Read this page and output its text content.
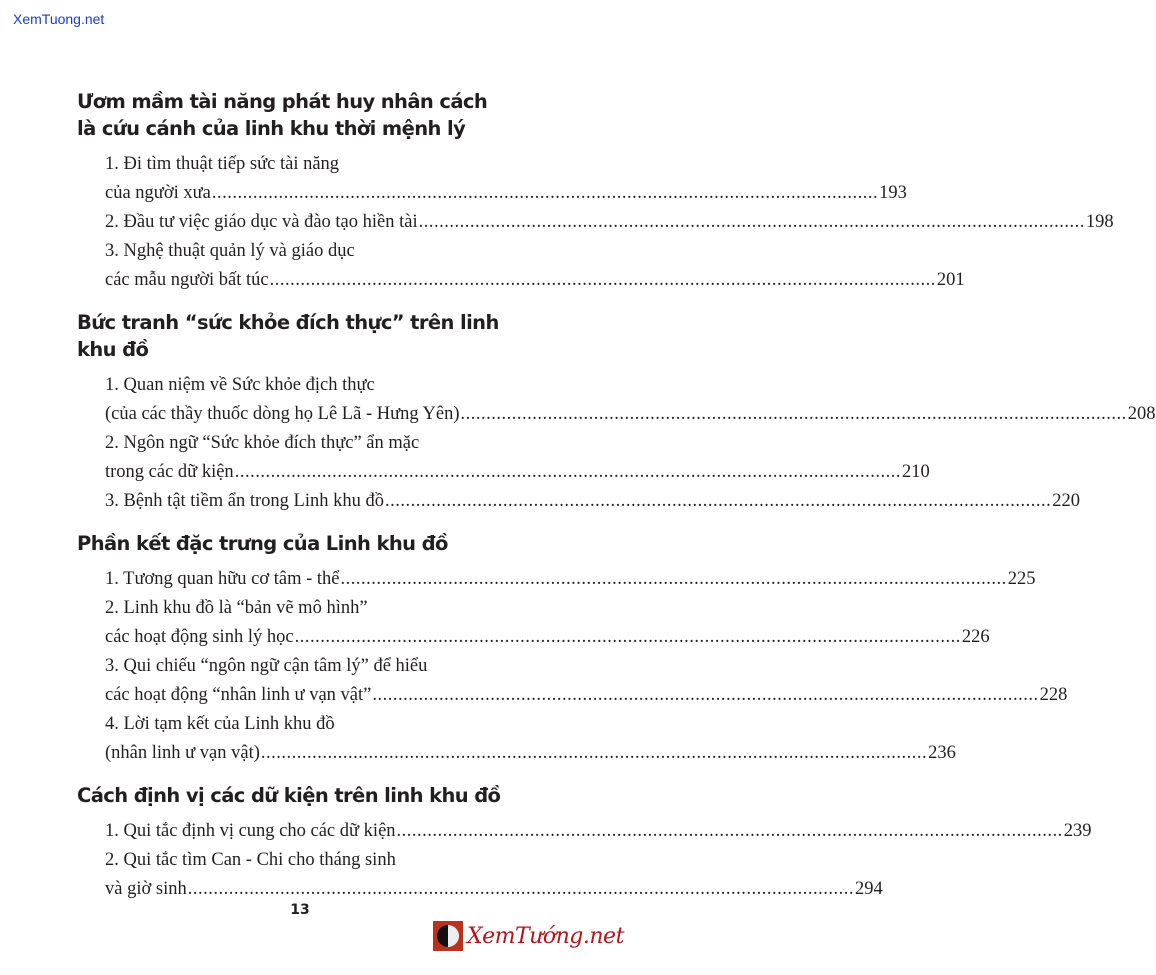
XemTuong.net
Ươm mầm tài năng phát huy nhân cách
là cứu cánh của linh khu thời mệnh lý
1. Đi tìm thuật tiếp sức tài năng
của người xưa .....	193
2. Đầu tư việc giáo dục và đào tạo hiền tài .....	198
3. Nghệ thuật quản lý và giáo dục
các mẫu người bất túc .....	201
Bức tranh “sức khỏe đích thực” trên linh khu đồ
1. Quan niệm về Sức khỏe địch thực
(của các thầy thuốc dòng họ Lê Lã - Hưng Yên) .....	208
2. Ngôn ngữ “Sức khỏe đích thực” ẩn mặc
trong các dữ kiện .....	210
3. Bệnh tật tiềm ẩn trong Linh khu đồ .....	220
Phần kết đặc trưng của Linh khu đồ
1. Tương quan hữu cơ tâm - thể .....	225
2. Linh khu đồ là “bản vẽ mô hình”
các hoạt động sinh lý học .....	226
3. Qui chiếu “ngôn ngữ cận tâm lý” để hiểu
các hoạt động “nhân linh ư vạn vật” .....	228
4. Lời tạm kết của Linh khu đồ
(nhân linh ư vạn vật) .....	236
Cách định vị các dữ kiện trên linh khu đồ
1. Qui tắc định vị cung cho các dữ kiện .....	239
2. Qui tắc tìm Can - Chi cho tháng sinh
và giờ sinh .....	294
13
XemTướng.net
